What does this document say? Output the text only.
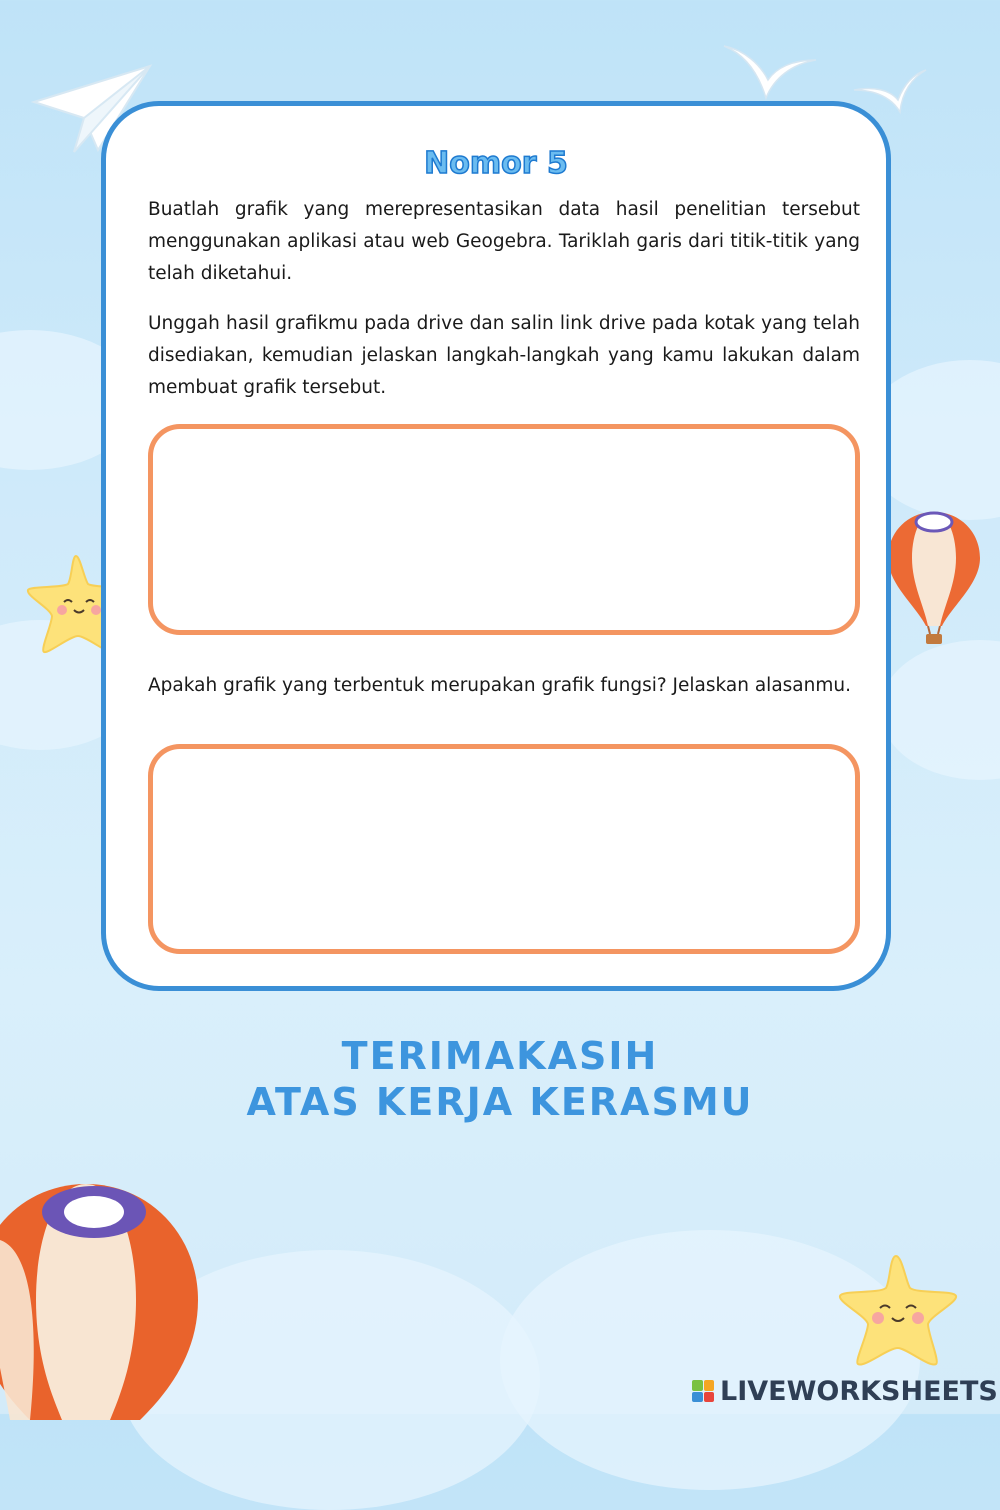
Nomor 5

Buatlah grafik yang merepresentasikan data hasil penelitian tersebut menggunakan aplikasi atau web Geogebra. Tariklah garis dari titik-titik yang telah diketahui.

Unggah hasil grafikmu pada drive dan salin link drive pada kotak yang telah disediakan, kemudian jelaskan langkah-langkah yang kamu lakukan dalam membuat grafik tersebut.

Apakah grafik yang terbentuk merupakan grafik fungsi? Jelaskan alasanmu.

TERIMAKASIH
ATAS KERJA KERASMU
LIVEWORKSHEETS
